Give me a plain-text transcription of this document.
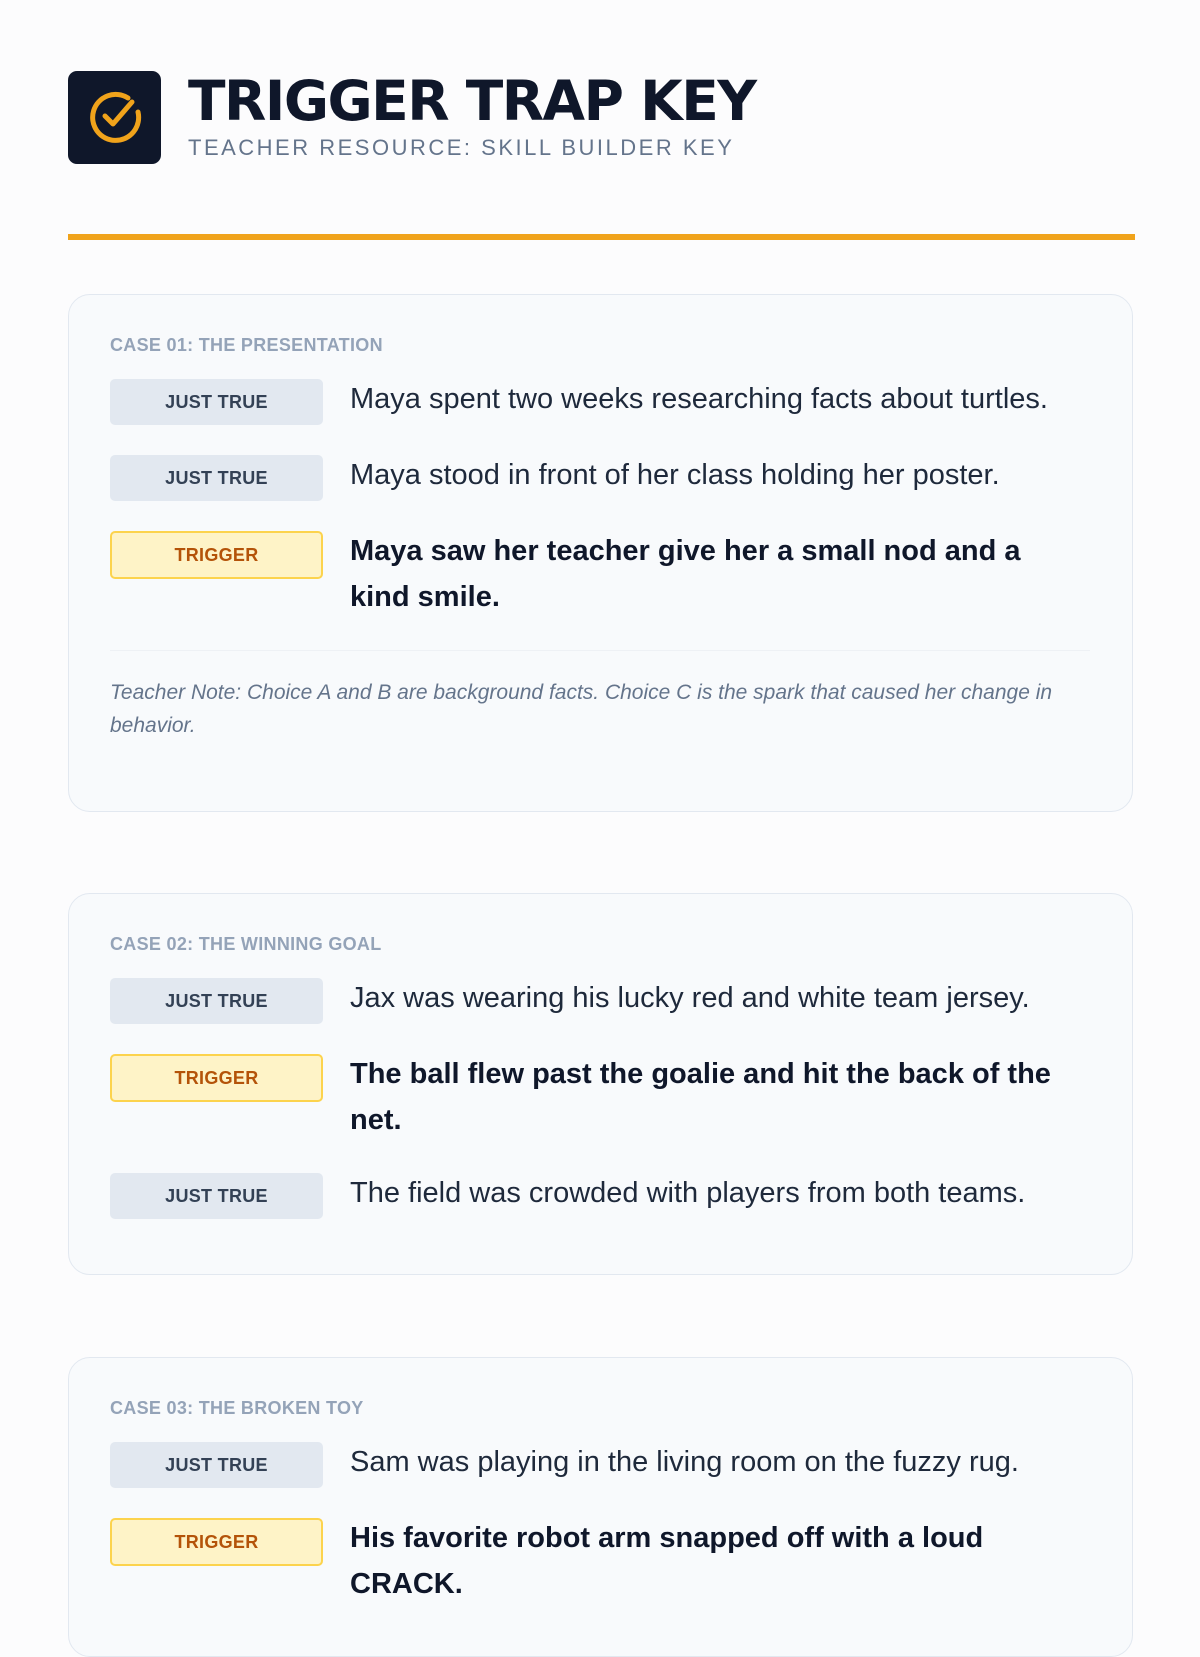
TRIGGER TRAP KEY
TEACHER RESOURCE: SKILL BUILDER KEY
CASE 01: THE PRESENTATION
JUST TRUE	Maya spent two weeks researching facts about turtles.
JUST TRUE	Maya stood in front of her class holding her poster.
TRIGGER	Maya saw her teacher give her a small nod and a kind smile.
Teacher Note: Choice A and B are background facts. Choice C is the spark that caused her change in behavior.
CASE 02: THE WINNING GOAL
JUST TRUE	Jax was wearing his lucky red and white team jersey.
TRIGGER	The ball flew past the goalie and hit the back of the net.
JUST TRUE	The field was crowded with players from both teams.
CASE 03: THE BROKEN TOY
JUST TRUE	Sam was playing in the living room on the fuzzy rug.
TRIGGER	His favorite robot arm snapped off with a loud CRACK.
